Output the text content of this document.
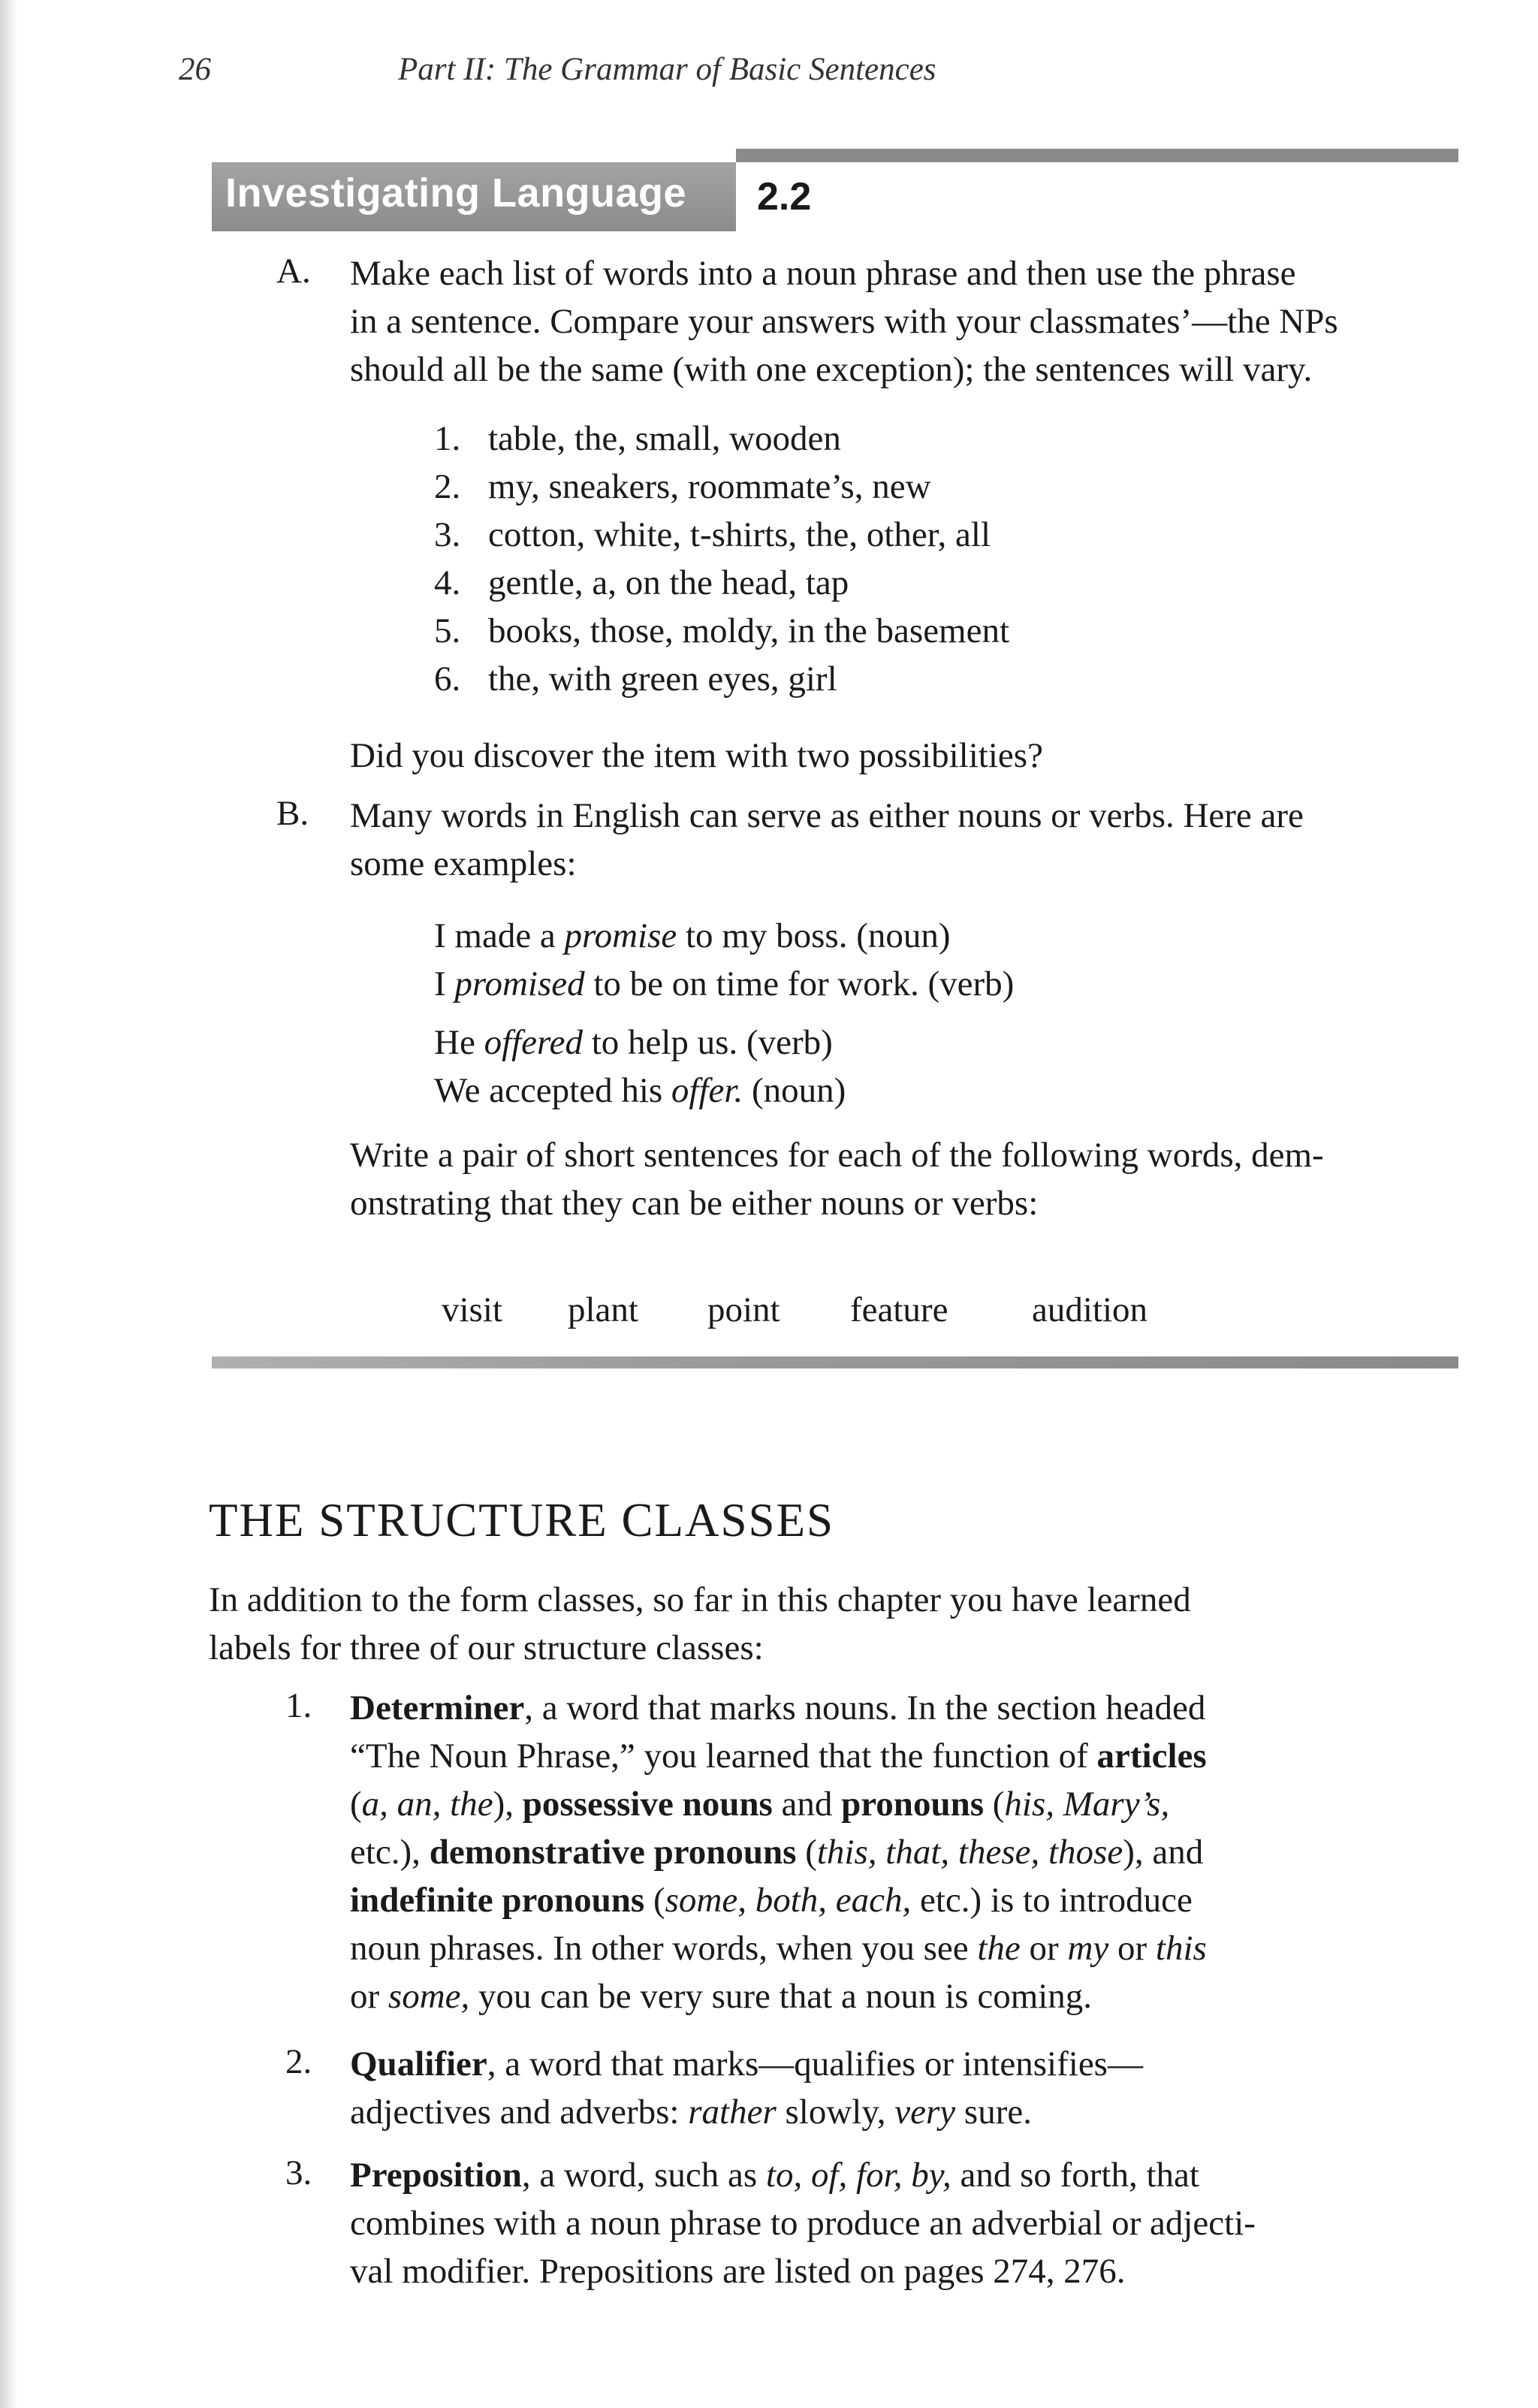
26	Part II: The Grammar of Basic Sentences
Investigating Language 2.2
A. Make each list of words into a noun phrase and then use the phrase
in a sentence. Compare your answers with your classmates’—the NPs
should all be the same (with one exception); the sentences will vary.
1. table, the, small, wooden
2. my, sneakers, roommate’s, new
3. cotton, white, t-shirts, the, other, all
4. gentle, a, on the head, tap
5. books, those, moldy, in the basement
6. the, with green eyes, girl
Did you discover the item with two possibilities?
B. Many words in English can serve as either nouns or verbs. Here are
some examples:
I made a promise to my boss. (noun)
I promised to be on time for work. (verb)
He offered to help us. (verb)
We accepted his offer. (noun)
Write a pair of short sentences for each of the following words, dem-
onstrating that they can be either nouns or verbs:
visit plant point feature audition
THE STRUCTURE CLASSES
In addition to the form classes, so far in this chapter you have learned
labels for three of our structure classes:
1. Determiner, a word that marks nouns. In the section headed
“The Noun Phrase,” you learned that the function of articles
(a, an, the), possessive nouns and pronouns (his, Mary’s,
etc.), demonstrative pronouns (this, that, these, those), and
indefinite pronouns (some, both, each, etc.) is to introduce
noun phrases. In other words, when you see the or my or this
or some, you can be very sure that a noun is coming.
2. Qualifier, a word that marks—qualifies or intensifies—
adjectives and adverbs: rather slowly, very sure.
3. Preposition, a word, such as to, of, for, by, and so forth, that
combines with a noun phrase to produce an adverbial or adjecti-
val modifier. Prepositions are listed on pages 274, 276.
